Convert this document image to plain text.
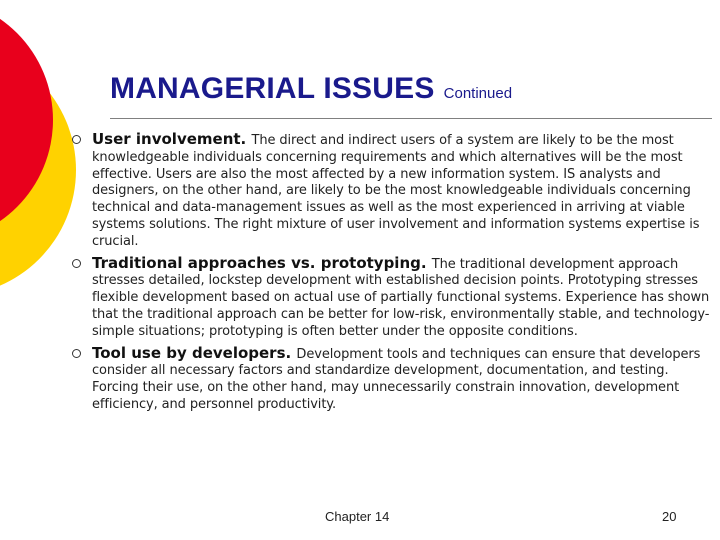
MANAGERIAL ISSUES Continued
User involvement. The direct and indirect users of a system are likely to be the most knowledgeable individuals concerning requirements and which alternatives will be the most effective. Users are also the most affected by a new information system. IS analysts and designers, on the other hand, are likely to be the most knowledgeable individuals concerning technical and data-management issues as well as the most experienced in arriving at viable systems solutions. The right mixture of user involvement and information systems expertise is crucial.
Traditional approaches vs. prototyping. The traditional development approach stresses detailed, lockstep development with established decision points. Prototyping stresses flexible development based on actual use of partially functional systems. Experience has shown that the traditional approach can be better for low-risk, environmentally stable, and technology-simple situations; prototyping is often better under the opposite conditions.
Tool use by developers. Development tools and techniques can ensure that developers consider all necessary factors and standardize development, documentation, and testing. Forcing their use, on the other hand, may unnecessarily constrain innovation, development efficiency, and personnel productivity.
Chapter 14	20
